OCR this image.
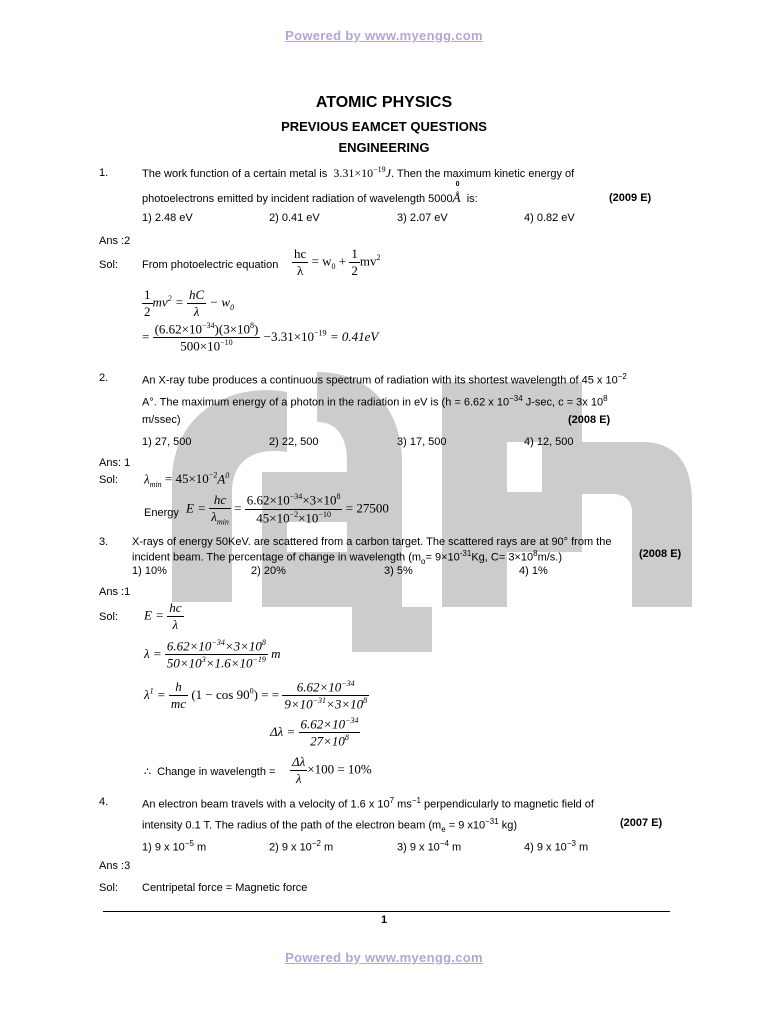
Powered by www.myengg.com
ATOMIC PHYSICS
PREVIOUS EAMCET QUESTIONS
ENGINEERING
1.	The work function of a certain metal is $3.31\times 10^{-19}J$. Then the maximum kinetic energy of
photoelectrons emitted by incident radiation of wavelength 5000
0
Å is:	(2009 E)
1) 2.48 eV	2) 0.41 eV	3) 2.07 eV	4) 0.82 eV
Ans :2
Sol: From photoelectric equation $\frac{hc}{\lambda} = w_0 + \frac{1}{2} mv^2$
$\frac{1}{2} mv^2 = \frac{hC}{\lambda} - w_0$
= $\frac{(6.62\times 10^{-34})(3\times 10^8)}{500\times 10^{-10}} -3.31\times 10^{-19} = 0.41eV$
2.	An X-ray tube produces a continuous spectrum of radiation with its shortest wavelength of 45 x $10^{-2}$
A°. The maximum energy of a photon in the radiation in eV is (h = 6.62 x $10^{-34}$ J-sec, c = 3x $10^8$
m/ssec)	(2008 E)
1) 27, 500	2) 22, 500	3) 17, 500	4) 12, 500
Ans: 1
Sol: $\lambda_{min} = 45\times 10^{-2}A^0$
Energy $E = \frac{hc}{\lambda_{min}} = \frac{6.62\times 10^{-34}\times 3\times 10^8}{45\times 10^{-2}\times 10^{-10}} = 27500$
3. X-rays of energy 50KeV. are scattered from a carbon target. The scattered rays are at 90° from the
incident beam. The percentage of change in wavelength ($m_o= 9\times 10^{-31}Kg$, $C= 3\times 10^8m/s$.)	(2008 E)
1) 10%	2) 20%	3) 5%	4) 1%
Ans :1
Sol: $E = \frac{hc}{\lambda}$
$\lambda = \frac{6.62\times 10^{-34}\times 3\times 10^8}{50\times 10^3\times 1.6\times 10^{-19}}$ m
$\lambda^1 = \frac{h}{mc} (1 - \cos 90^0)$ = = $\frac{6.62\times 10^{-34}}{9\times 10^{-31}\times 3\times 10^8}$
$\Delta\lambda = \frac{6.62\times 10^{-34}}{27\times 10^8}$
∴ Change in wavelength = $\frac{\Delta\lambda}{\lambda} \times 100 = 10\%$
4.	An electron beam travels with a velocity of 1.6 x $10^7$ $ms^{-1}$ perpendicularly to magnetic field of
intensity 0.1 T. The radius of the path of the electron beam ($m_e = 9$ $x10^{-31}$ kg)	(2007 E)
1) 9 x $10^{-5}$ m	2) 9 x $10^{-2}$ m	3) 9 x $10^{-4}$ m	4) 9 x $10^{-3}$ m
Ans :3
Sol: Centripetal force = Magnetic force
1
Powered by www.myengg.com
